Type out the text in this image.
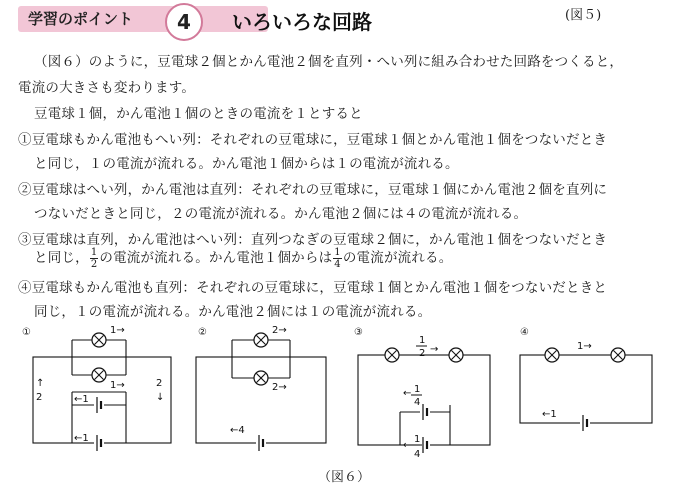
学習のポイント	4	いろいろな回路	(図５)
（図６）のように，豆電球２個とかん電池２個を直列・へい列に組み合わせた回路をつくると，
電流の大きさも変わります。
豆電球１個，かん電池１個のときの電流を１とすると
①豆電球もかん電池もへい列：それぞれの豆電球に，豆電球１個とかん電池１個をつないだとき
と同じ，１の電流が流れる。かん電池１個からは１の電流が流れる。
②豆電球はへい列，かん電池は直列：それぞれの豆電球に，豆電球１個にかん電池２個を直列に
つないだときと同じ，２の電流が流れる。かん電池２個には４の電流が流れる。
③豆電球は直列，かん電池はへい列：直列つなぎの豆電球２個に，かん電池１個をつないだとき
と同じ， $\frac{1}{2}$ の電流が流れる。かん電池１個からは $\frac{1}{4}$ の電流が流れる。
④豆電球もかん電池も直列：それぞれの豆電球に，豆電球１個とかん電池１個をつないだときと
同じ，１の電流が流れる。かん電池２個には１の電流が流れる。
①	1→
1→
2
↑	2
↓
←1
←1
②	2→
2→
←4
③
1
2 →
← 1
4
←
1
4
④
1→
←1
（図６）
